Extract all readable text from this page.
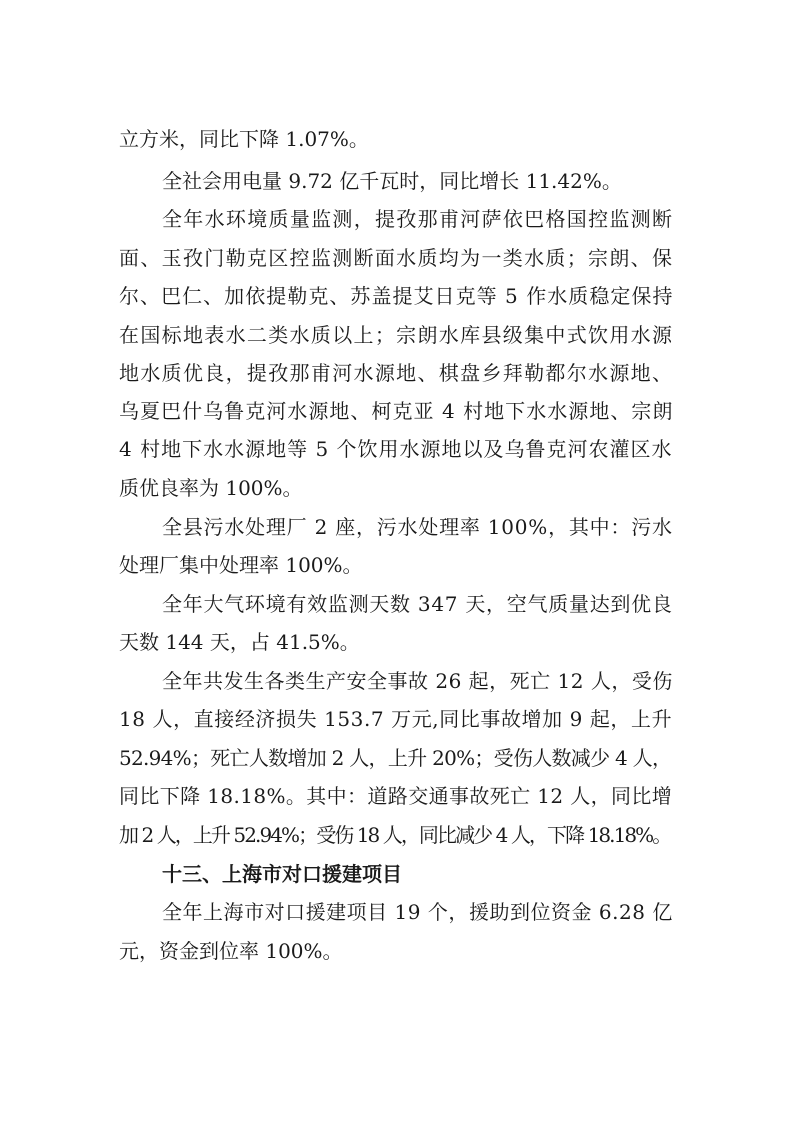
立方米，同比下降 1.07%。
全社会用电量 9.72 亿千瓦时，同比增长 11.42%。
全年水环境质量监测，提孜那甫河萨依巴格国控监测断
面、玉孜门勒克区控监测断面水质均为一类水质；宗朗、保
尔、巴仁、加依提勒克、苏盖提艾日克等 5 作水质稳定保持
在国标地表水二类水质以上；宗朗水库县级集中式饮用水源
地水质优良，提孜那甫河水源地、棋盘乡拜勒都尔水源地、
乌夏巴什乌鲁克河水源地、柯克亚 4 村地下水水源地、宗朗
4 村地下水水源地等 5 个饮用水源地以及乌鲁克河农灌区水
质优良率为 100%。
全县污水处理厂 2 座，污水处理率 100%，其中：污水
处理厂集中处理率 100%。
全年大气环境有效监测天数 347 天，空气质量达到优良
天数 144 天，占 41.5%。
全年共发生各类生产安全事故 26 起，死亡 12 人，受伤
18 人，直接经济损失 153.7 万元,同比事故增加 9 起，上升
52.94%；死亡人数增加 2 人，上升 20%；受伤人数减少 4 人，
同比下降 18.18%。其中：道路交通事故死亡 12 人，同比增
加 2 人，上升 52.94%；受伤 18 人，同比减少 4 人，下降 18.18%。
十三、上海市对口援建项目
全年上海市对口援建项目 19 个，援助到位资金 6.28 亿
元，资金到位率 100%。
